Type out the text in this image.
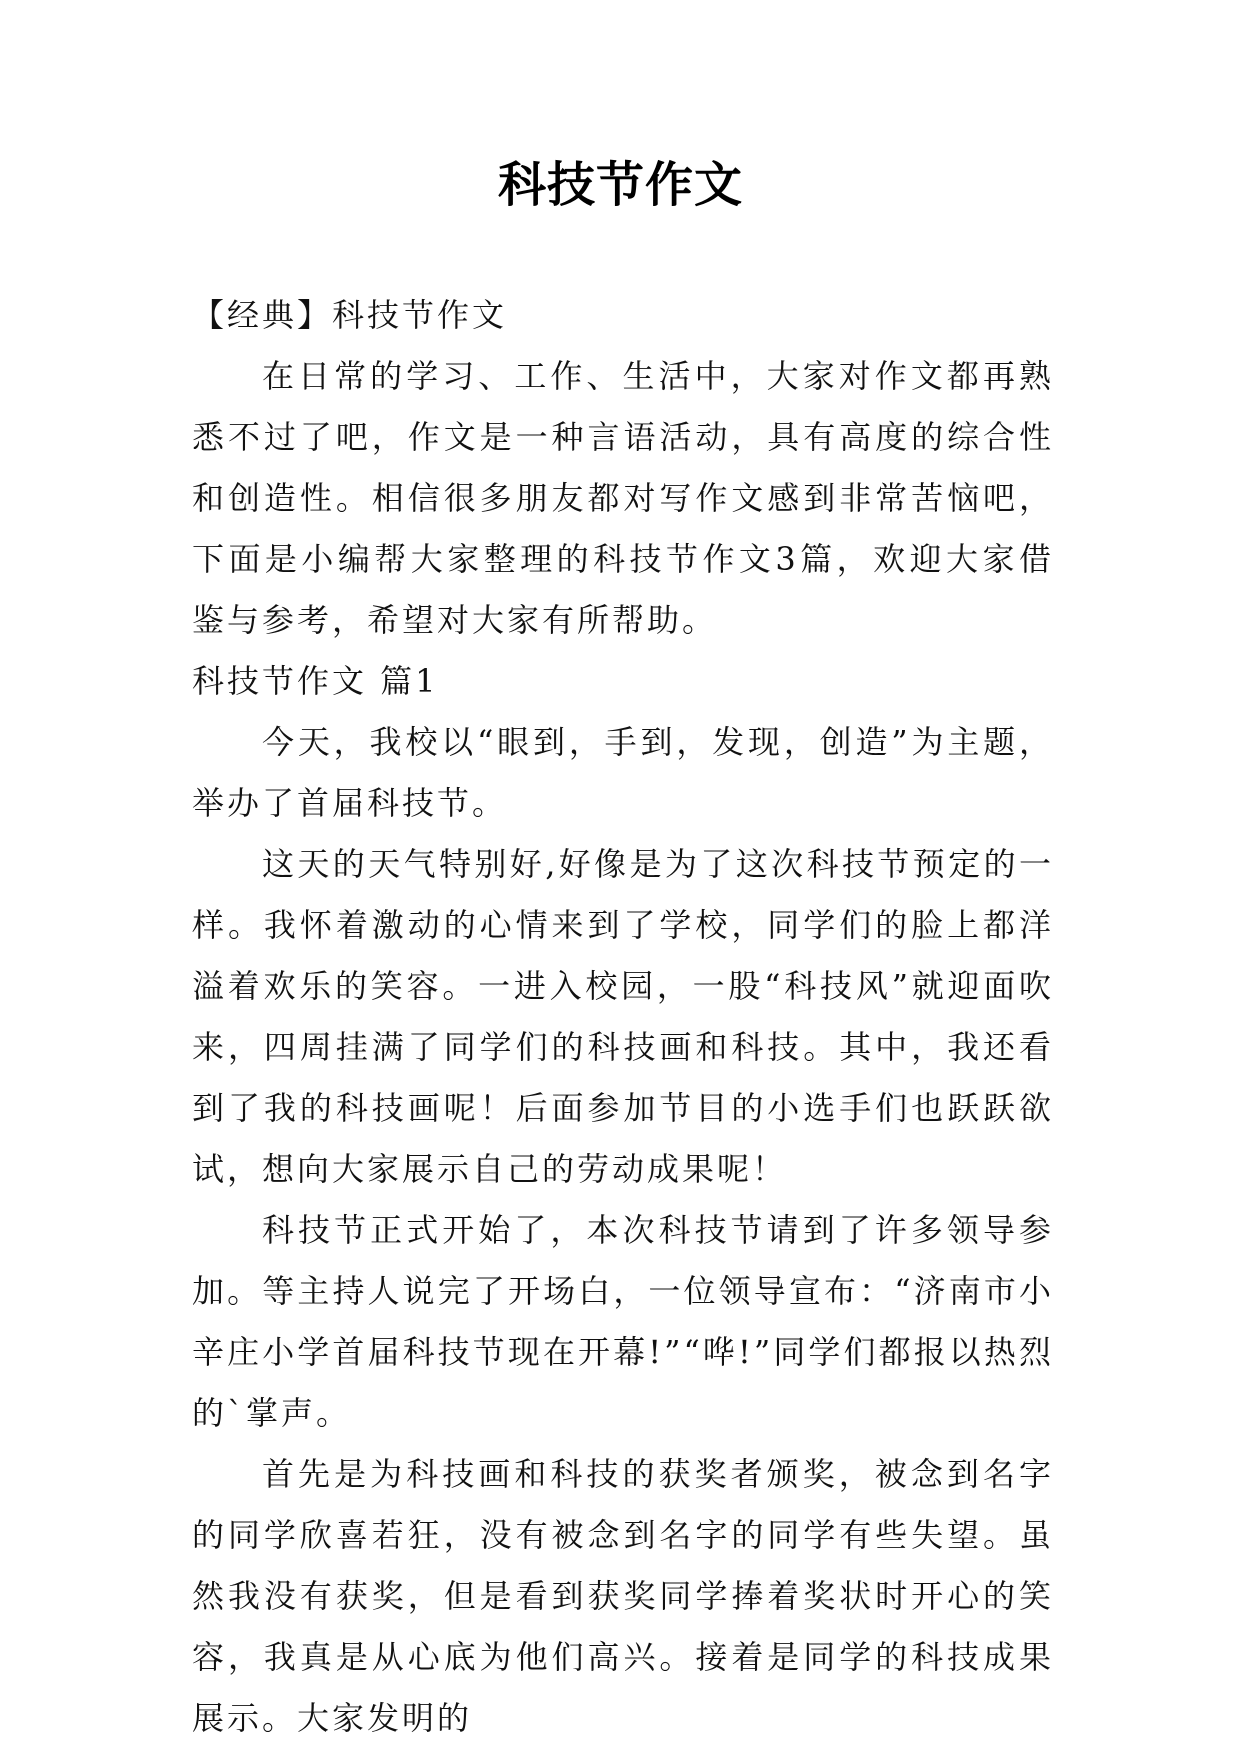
科技节作文

【经典】科技节作文

在日常的学习、工作、生活中，大家对作文都再熟悉不过了吧，作文是一种言语活动，具有高度的综合性和创造性。相信很多朋友都对写作文感到非常苦恼吧，下面是小编帮大家整理的科技节作文3篇，欢迎大家借鉴与参考，希望对大家有所帮助。

科技节作文 篇1

今天，我校以“眼到，手到，发现，创造”为主题，举办了首届科技节。

这天的天气特别好,好像是为了这次科技节预定的一样。我怀着激动的心情来到了学校，同学们的脸上都洋溢着欢乐的笑容。一进入校园，一股“科技风”就迎面吹来，四周挂满了同学们的科技画和科技。其中，我还看到了我的科技画呢！后面参加节目的小选手们也跃跃欲试，想向大家展示自己的劳动成果呢！

科技节正式开始了，本次科技节请到了许多领导参加。等主持人说完了开场白，一位领导宣布：“济南市小辛庄小学首届科技节现在开幕!”“哗!”同学们都报以热烈的`掌声。

首先是为科技画和科技的获奖者颁奖，被念到名字的同学欣喜若狂，没有被念到名字的同学有些失望。虽然我没有获奖，但是看到获奖同学捧着奖状时开心的笑容，我真是从心底为他们高兴。接着是同学的科技成果展示。大家发明的
